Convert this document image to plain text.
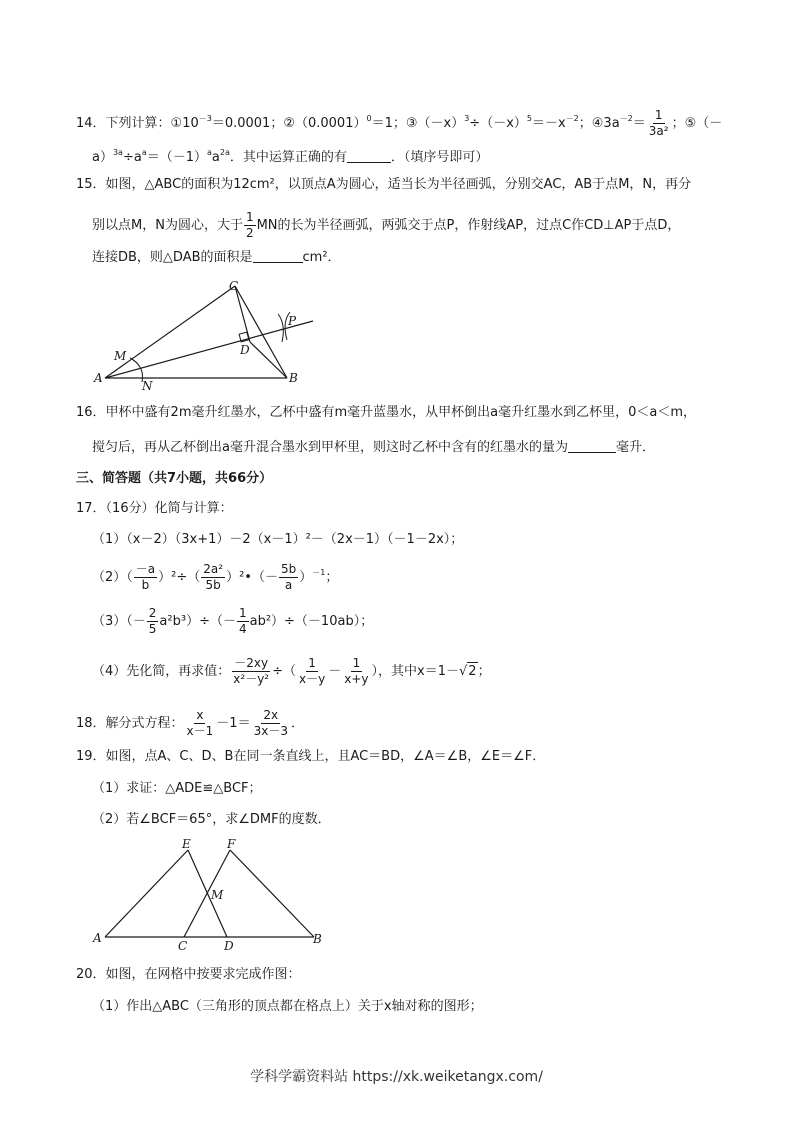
14．下列计算：$①10^{-3}=0.0001$；$②(0.0001)^0=1$；$③(-x)^3\div(-x)^5=-x^{-2}$；$④3a^{-2}= \frac{1}{\text{3a²}}$ ；⑤（－
$a)^{3a}\div a^a=(-1)^aa^{2a}$．其中运算正确的有	．（填序号即可）
15．如图，△ABC的面积为12cm²，以顶点A为圆心，适当长为半径画弧，分别交AC，AB于点M，N，再分
别以点M，N为圆心，大于 $\frac{1}{2}$ MN的长为半径画弧，两弧交于点P，作射线AP，过点C作CD⊥AP于点D，
连接DB，则△DAB的面积是	cm²．
C
P
D
M
A
N
B
16．甲杯中盛有2m毫升红墨水，乙杯中盛有m毫升蓝墨水，从甲杯倒出a毫升红墨水到乙杯里，0＜a＜m，
搅匀后，再从乙杯倒出a毫升混合墨水到甲杯里，则这时乙杯中含有的红墨水的量为	毫升．
三、简答题（共7小题，共66分）
17．（16分）化简与计算：
（1）（x－2）（3x+1）－2（x－1）²－（2x－1）（－1－2x）；
$(2)( \frac{-a}{b} )^2\div( \frac{\text{2a²}}{5b}$ ）²•（－ $\frac{5b}{a} )^{-1}$；
$(3)(- \frac{2}{5} a^2b^3)\div(- \frac{1}{4} ab^2)\div(-10ab)$；
（4）先化简，再求值： $\frac{-2xy}{\text{x²－y²}}$ ÷（ $\frac{1}{x-y} - \frac{1}{x+y}$ ），其中x＝1－√2；
18．解分式方程： $\frac{x}{x-1} -1= \frac{2x}{3x-3}$ ．
19．如图，点A、C、D、B在同一条直线上，且AC＝BD，∠A＝∠B，∠E＝∠F．
（1）求证：△ADE≌△BCF；
（2）若∠BCF＝65°，求∠DMF的度数．
E	F
M
A
C	D	B
20．如图，在网格中按要求完成作图：
（1）作出△ABC（三角形的顶点都在格点上）关于x轴对称的图形；
学科学霸资料站 https://xk.weiketangx.com/
